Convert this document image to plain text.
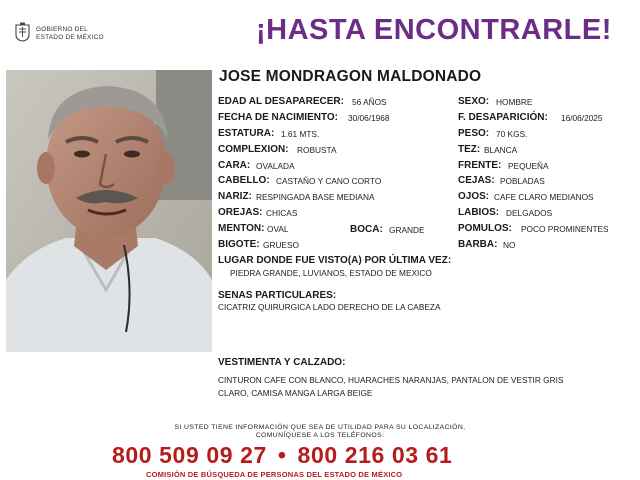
GOBIERNO DEL
ESTADO DE MÉXICO	¡HASTA ENCONTRARLE!
JOSE MONDRAGON MALDONADO
EDAD AL DESAPARECER: 56 AÑOS
FECHA DE NACIMIENTO: 30/06/1968
ESTATURA: 1.61 MTS.
COMPLEXION: ROBUSTA
CARA: OVALADA
CABELLO: CASTAÑO Y CANO CORTO
NARIZ: RESPINGADA BASE MEDIANA
OREJAS: CHICAS
MENTON: OVAL
BIGOTE: GRUESO
BOCA: GRANDE
SEXO: HOMBRE
F. DESAPARICIÓN: 16/06/2025
PESO: 70 KGS.
TEZ: BLANCA
FRENTE: PEQUEÑA
CEJAS: POBLADAS
OJOS: CAFE CLARO MEDIANOS
LABIOS: DELGADOS
POMULOS: POCO PROMINENTES
BARBA: NO
LUGAR DONDE FUE VISTO(A) POR ÚLTIMA VEZ:
PIEDRA GRANDE, LUVIANOS, ESTADO DE MEXICO
SENAS PARTICULARES:
CICATRIZ QUIRURGICA LADO DERECHO DE LA CABEZA
VESTIMENTA Y CALZADO:
CINTURON CAFE CON BLANCO, HUARACHES NARANJAS, PANTALON DE VESTIR GRIS
CLARO, CAMISA MANGA LARGA BEIGE
SI USTED TIENE INFORMACIÓN QUE SEA DE UTILIDAD PARA SU LOCALIZACIÓN,
COMUNÍQUESE A LOS TELÉFONOS:
800 509 09 27 • 800 216 03 61
COMISIÓN DE BÚSQUEDA DE PERSONAS DEL ESTADO DE MÉXICO
